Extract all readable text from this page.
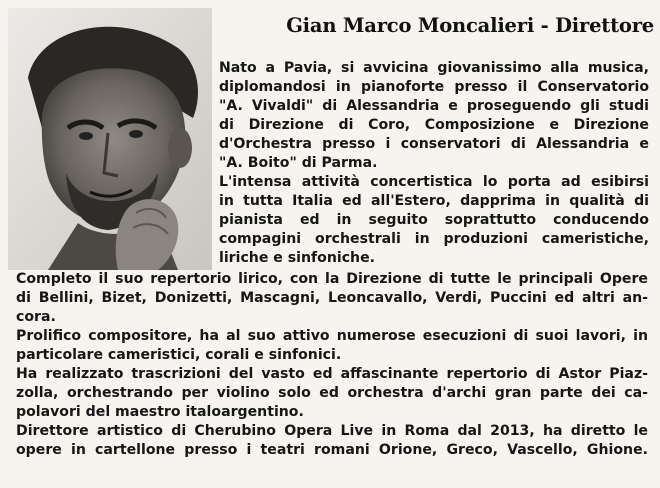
Gian Marco Moncalieri - Direttore
Nato a Pavia, si avvicina giovanissimo alla musica,
diplomandosi in pianoforte presso il Conservatorio
"A. Vivaldi" di Alessandria e proseguendo gli studi
di Direzione di Coro, Composizione e Direzione
d'Orchestra presso i conservatori di Alessandria e
"A. Boito" di Parma.
L'intensa attività concertistica lo porta ad esibirsi
in tutta Italia ed all'Estero, dapprima in qualità di
pianista ed in seguito soprattutto conducendo
compagini orchestrali in produzioni cameristiche,
liriche e sinfoniche.
Completo il suo repertorio lirico, con la Direzione di tutte le principali Opere
di Bellini, Bizet, Donizetti, Mascagni, Leoncavallo, Verdi, Puccini ed altri an-
cora.
Prolifico compositore, ha al suo attivo numerose esecuzioni di suoi lavori, in
particolare cameristici, corali e sinfonici.
Ha realizzato trascrizioni del vasto ed affascinante repertorio di Astor Piaz-
zolla, orchestrando per violino solo ed orchestra d'archi gran parte dei ca-
polavori del maestro italoargentino.
Direttore artistico di Cherubino Opera Live in Roma dal 2013, ha diretto le
opere in cartellone presso i teatri romani Orione, Greco, Vascello, Ghione.
